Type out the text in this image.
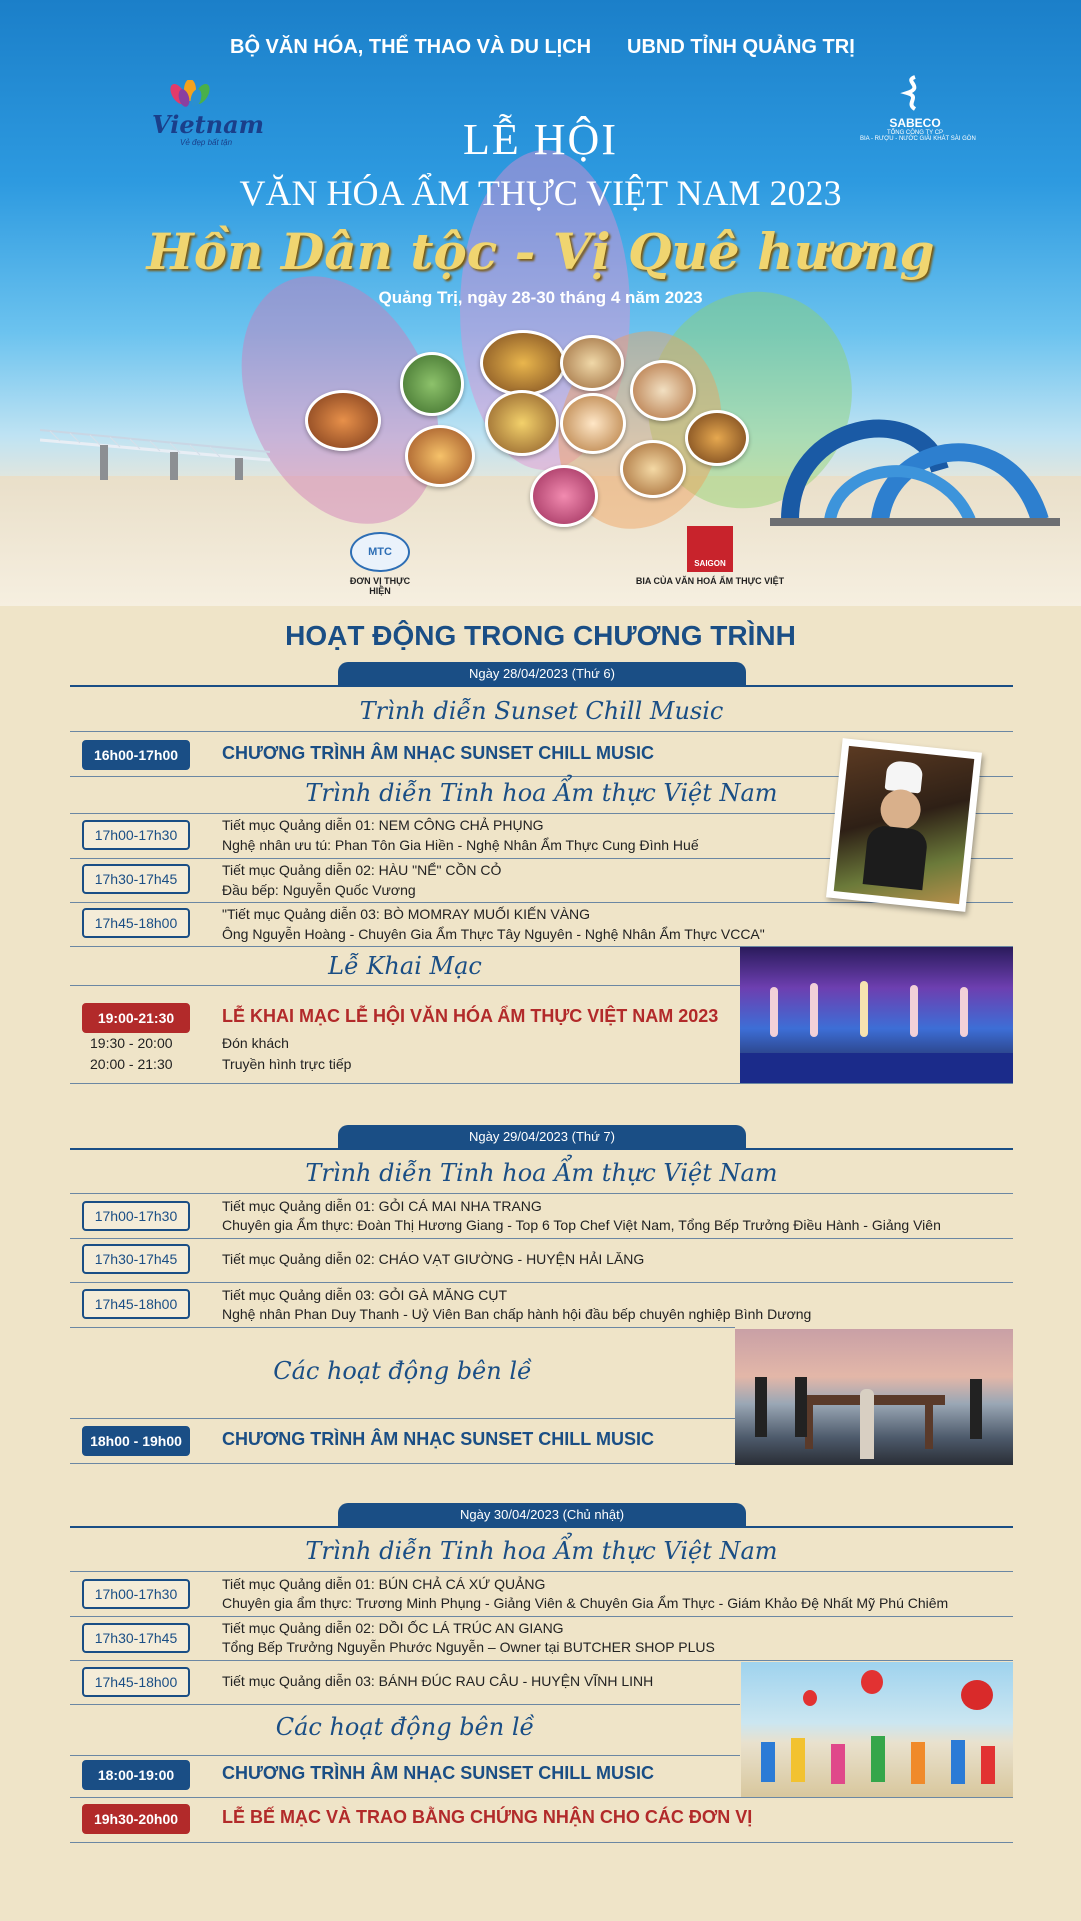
BỘ VĂN HÓA, THỂ THAO VÀ DU LỊCH UBND TỈNH QUẢNG TRỊ
Vietnam
Vẻ đẹp bất tận
SABECO
TỔNG CÔNG TY CP
BIA - RƯỢU - NƯỚC GIẢI KHÁT SÀI GÒN
LỄ HỘI
VĂN HÓA ẨM THỰC VIỆT NAM 2023
Hồn Dân tộc - Vị Quê hương
Quảng Trị, ngày 28-30 tháng 4 năm 2023
MTC
ĐƠN VỊ THỰC HIỆN
SAIGON
BIA CỦA VĂN HOÁ ẨM THỰC VIỆT
HOẠT ĐỘNG TRONG CHƯƠNG TRÌNH
Ngày 28/04/2023 (Thứ 6)
Trình diễn Sunset Chill Music
16h00-17h00	CHƯƠNG TRÌNH ÂM NHẠC SUNSET CHILL MUSIC
Trình diễn Tinh hoa Ẩm thực Việt Nam
17h00-17h30
Tiết mục Quảng diễn 01: NEM CÔNG CHẢ PHỤNG
Nghệ nhân ưu tú: Phan Tôn Gia Hiền - Nghệ Nhân Ẩm Thực Cung Đình Huế
17h30-17h45
Tiết mục Quảng diễn 02: HÀU "NỂ" CỒN CỎ
Đầu bếp: Nguyễn Quốc Vương
17h45-18h00
"Tiết mục Quảng diễn 03: BÒ MOMRAY MUỐI KIẾN VÀNG
Ông Nguyễn Hoàng - Chuyên Gia Ẩm Thực Tây Nguyên - Nghệ Nhân Ẩm Thực VCCA"
Lễ Khai Mạc
19:00-21:30	LỄ KHAI MẠC LỄ HỘI VĂN HÓA ẨM THỰC VIỆT NAM 2023
19:30 - 20:00	Đón khách
20:00 - 21:30	Truyền hình trực tiếp
Ngày 29/04/2023 (Thứ 7)
Trình diễn Tinh hoa Ẩm thực Việt Nam
17h00-17h30
Tiết mục Quảng diễn 01: GỎI CÁ MAI NHA TRANG
Chuyên gia Ẩm thực: Đoàn Thị Hương Giang - Top 6 Top Chef Việt Nam, Tổng Bếp Trưởng Điều Hành - Giảng Viên
17h30-17h45	Tiết mục Quảng diễn 02: CHÁO VẠT GIƯỜNG - HUYỆN HẢI LĂNG
17h45-18h00
Tiết mục Quảng diễn 03: GỎI GÀ MĂNG CỤT
Nghệ nhân Phan Duy Thanh - Uỷ Viên Ban chấp hành hội đầu bếp chuyên nghiệp Bình Dương
Các hoạt động bên lề
18h00 - 19h00	CHƯƠNG TRÌNH ÂM NHẠC SUNSET CHILL MUSIC
Ngày 30/04/2023 (Chủ nhật)
Trình diễn Tinh hoa Ẩm thực Việt Nam
17h00-17h30
Tiết mục Quảng diễn 01: BÚN CHẢ CÁ XỨ QUẢNG
Chuyên gia ẩm thực: Trương Minh Phụng - Giảng Viên & Chuyên Gia Ẩm Thực - Giám Khảo Đệ Nhất Mỹ Phú Chiêm
17h30-17h45
Tiết mục Quảng diễn 02: DỒI ỐC LÁ TRÚC AN GIANG
Tổng Bếp Trưởng Nguyễn Phước Nguyễn – Owner tại BUTCHER SHOP PLUS
17h45-18h00	Tiết mục Quảng diễn 03: BÁNH ĐÚC RAU CÂU - HUYỆN VĨNH LINH
Các hoạt động bên lề
18:00-19:00	CHƯƠNG TRÌNH ÂM NHẠC SUNSET CHILL MUSIC
19h30-20h00	LỄ BẾ MẠC VÀ TRAO BẰNG CHỨNG NHẬN CHO CÁC ĐƠN VỊ
